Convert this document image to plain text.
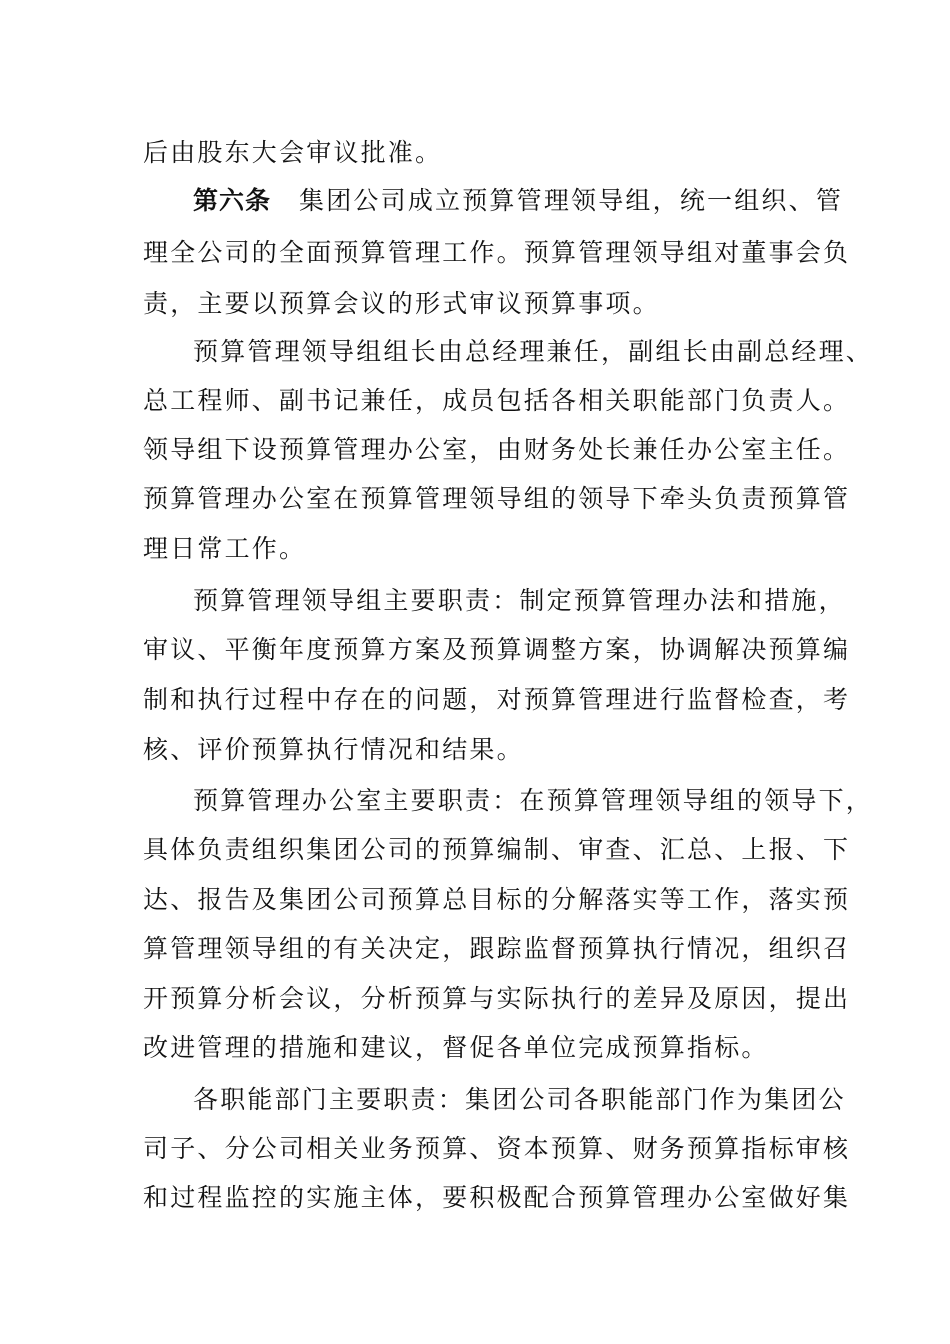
后由股东大会审议批准。
第六条 集团公司成立预算管理领导组，统一组织、管
理全公司的全面预算管理工作。预算管理领导组对董事会负
责，主要以预算会议的形式审议预算事项。
预算管理领导组组长由总经理兼任，副组长由副总经理、
总工程师、副书记兼任，成员包括各相关职能部门负责人。
领导组下设预算管理办公室，由财务处长兼任办公室主任。
预算管理办公室在预算管理领导组的领导下牵头负责预算管
理日常工作。
预算管理领导组主要职责：制定预算管理办法和措施，
审议、平衡年度预算方案及预算调整方案，协调解决预算编
制和执行过程中存在的问题，对预算管理进行监督检查，考
核、评价预算执行情况和结果。
预算管理办公室主要职责：在预算管理领导组的领导下，
具体负责组织集团公司的预算编制、审查、汇总、上报、下
达、报告及集团公司预算总目标的分解落实等工作，落实预
算管理领导组的有关决定，跟踪监督预算执行情况，组织召
开预算分析会议，分析预算与实际执行的差异及原因，提出
改进管理的措施和建议，督促各单位完成预算指标。
各职能部门主要职责：集团公司各职能部门作为集团公
司子、分公司相关业务预算、资本预算、财务预算指标审核
和过程监控的实施主体，要积极配合预算管理办公室做好集
